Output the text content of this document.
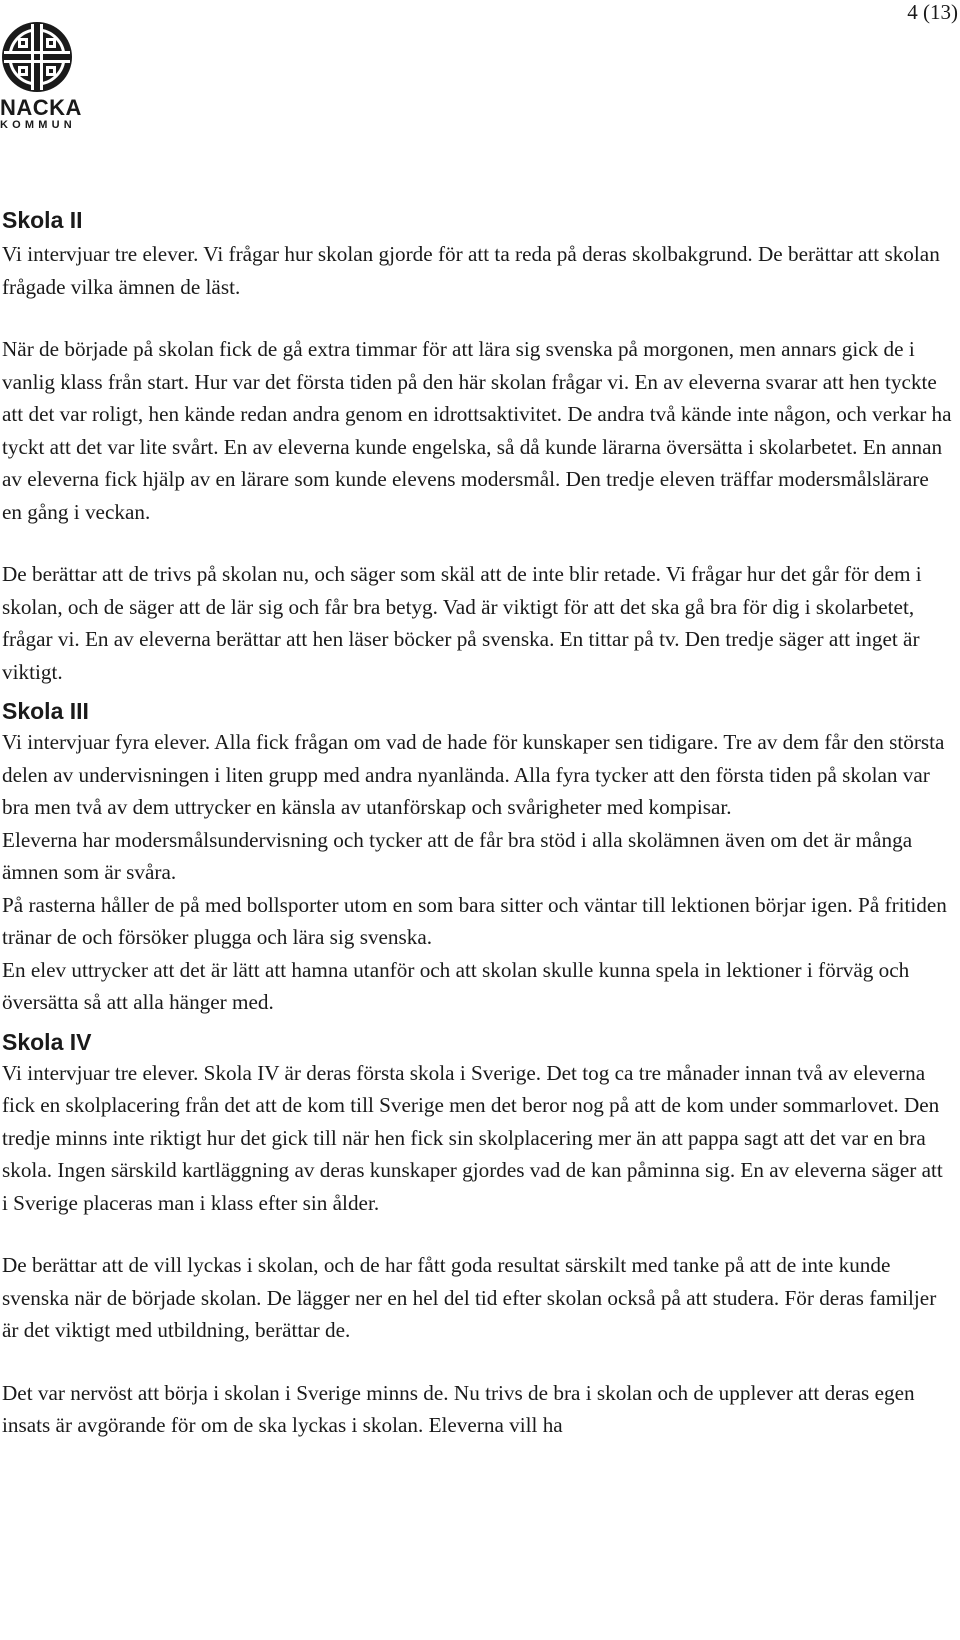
4 (13)
NACKA
KOMMUN
Skola II

Vi intervjuar tre elever. Vi frågar hur skolan gjorde för att ta reda på deras skolbakgrund. De berättar att skolan frågade vilka ämnen de läst.

När de började på skolan fick de gå extra timmar för att lära sig svenska på morgonen, men annars gick de i vanlig klass från start. Hur var det första tiden på den här skolan frågar vi. En av eleverna svarar att hen tyckte att det var roligt, hen kände redan andra genom en idrottsaktivitet. De andra två kände inte någon, och verkar ha tyckt att det var lite svårt. En av eleverna kunde engelska, så då kunde lärarna översätta i skolarbetet. En annan av eleverna fick hjälp av en lärare som kunde elevens modersmål. Den tredje eleven träffar modersmålslärare en gång i veckan.

De berättar att de trivs på skolan nu, och säger som skäl att de inte blir retade. Vi frågar hur det går för dem i skolan, och de säger att de lär sig och får bra betyg. Vad är viktigt för att det ska gå bra för dig i skolarbetet, frågar vi. En av eleverna berättar att hen läser böcker på svenska. En tittar på tv. Den tredje säger att inget är viktigt.

Skola III

Vi intervjuar fyra elever. Alla fick frågan om vad de hade för kunskaper sen tidigare. Tre av dem får den största delen av undervisningen i liten grupp med andra nyanlända. Alla fyra tycker att den första tiden på skolan var bra men två av dem uttrycker en känsla av utanförskap och svårigheter med kompisar.

Eleverna har modersmålsundervisning och tycker att de får bra stöd i alla skolämnen även om det är många ämnen som är svåra.

På rasterna håller de på med bollsporter utom en som bara sitter och väntar till lektionen börjar igen. På fritiden tränar de och försöker plugga och lära sig svenska.

En elev uttrycker att det är lätt att hamna utanför och att skolan skulle kunna spela in lektioner i förväg och översätta så att alla hänger med.

Skola IV

Vi intervjuar tre elever. Skola IV är deras första skola i Sverige. Det tog ca tre månader innan två av eleverna fick en skolplacering från det att de kom till Sverige men det beror nog på att de kom under sommarlovet. Den tredje minns inte riktigt hur det gick till när hen fick sin skolplacering mer än att pappa sagt att det var en bra skola. Ingen särskild kartläggning av deras kunskaper gjordes vad de kan påminna sig. En av eleverna säger att i Sverige placeras man i klass efter sin ålder.

De berättar att de vill lyckas i skolan, och de har fått goda resultat särskilt med tanke på att de inte kunde svenska när de började skolan. De lägger ner en hel del tid efter skolan också på att studera. För deras familjer är det viktigt med utbildning, berättar de.

Det var nervöst att börja i skolan i Sverige minns de. Nu trivs de bra i skolan och de upplever att deras egen insats är avgörande för om de ska lyckas i skolan. Eleverna vill ha
